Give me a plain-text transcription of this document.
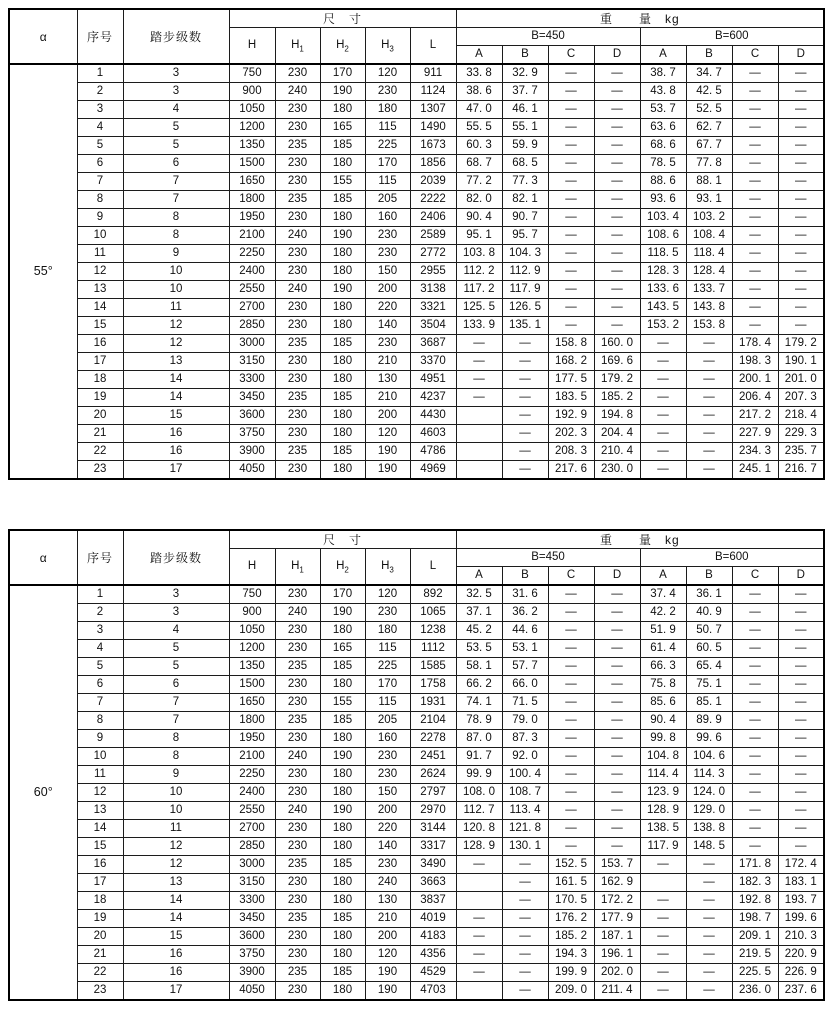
α	序号	踏步级数	尺　寸					重　　量　kg							
			H	$H_1$	$H_2$	$H_3$	L	B=450				B=600			
								A	B	C	D	A	B	C	D
55°	1	3	750	230	170	120	911	33. 8	32. 9	—	—	38. 7	34. 7	—	—
	2	3	900	240	190	230	1124	38. 6	37. 7	—	—	43. 8	42. 5	—	—
	3	4	1050	230	180	180	1307	47. 0	46. 1	—	—	53. 7	52. 5	—	—
	4	5	1200	230	165	115	1490	55. 5	55. 1	—	—	63. 6	62. 7	—	—
	5	5	1350	235	185	225	1673	60. 3	59. 9	—	—	68. 6	67. 7	—	—
	6	6	1500	230	180	170	1856	68. 7	68. 5	—	—	78. 5	77. 8	—	—
	7	7	1650	230	155	115	2039	77. 2	77. 3	—	—	88. 6	88. 1	—	—
	8	7	1800	235	185	205	2222	82. 0	82. 1	—	—	93. 6	93. 1	—	—
	9	8	1950	230	180	160	2406	90. 4	90. 7	—	—	103. 4	103. 2	—	—
	10	8	2100	240	190	230	2589	95. 1	95. 7	—	—	108. 6	108. 4	—	—
	11	9	2250	230	180	230	2772	103. 8	104. 3	—	—	118. 5	118. 4	—	—
	12	10	2400	230	180	150	2955	112. 2	112. 9	—	—	128. 3	128. 4	—	—
	13	10	2550	240	190	200	3138	117. 2	117. 9	—	—	133. 6	133. 7	—	—
	14	11	2700	230	180	220	3321	125. 5	126. 5	—	—	143. 5	143. 8	—	—
	15	12	2850	230	180	140	3504	133. 9	135. 1	—	—	153. 2	153. 8	—	—
	16	12	3000	235	185	230	3687	—	—	158. 8	160. 0	—	—	178. 4	179. 2
	17	13	3150	230	180	210	3370	—	—	168. 2	169. 6	—	—	198. 3	190. 1
	18	14	3300	230	180	130	4951	—	—	177. 5	179. 2	—	—	200. 1	201. 0
	19	14	3450	235	185	210	4237	—	—	183. 5	185. 2	—	—	206. 4	207. 3
	20	15	3600	230	180	200	4430		—	192. 9	194. 8	—	—	217. 2	218. 4
	21	16	3750	230	180	120	4603		—	202. 3	204. 4	—	—	227. 9	229. 3
	22	16	3900	235	185	190	4786		—	208. 3	210. 4	—	—	234. 3	235. 7
	23	17	4050	230	180	190	4969		—	217. 6	230. 0	—	—	245. 1	216. 7
α	序号	踏步级数	尺　寸					重　　量　kg							
			H	$H_1$	$H_2$	$H_3$	L	B=450				B=600			
								A	B	C	D	A	B	C	D
60°	1	3	750	230	170	120	892	32. 5	31. 6	—	—	37. 4	36. 1	—	—
	2	3	900	240	190	230	1065	37. 1	36. 2	—	—	42. 2	40. 9	—	—
	3	4	1050	230	180	180	1238	45. 2	44. 6	—	—	51. 9	50. 7	—	—
	4	5	1200	230	165	115	1112	53. 5	53. 1	—	—	61. 4	60. 5	—	—
	5	5	1350	235	185	225	1585	58. 1	57. 7	—	—	66. 3	65. 4	—	—
	6	6	1500	230	180	170	1758	66. 2	66. 0	—	—	75. 8	75. 1	—	—
	7	7	1650	230	155	115	1931	74. 1	71. 5	—	—	85. 6	85. 1	—	—
	8	7	1800	235	185	205	2104	78. 9	79. 0	—	—	90. 4	89. 9	—	—
	9	8	1950	230	180	160	2278	87. 0	87. 3	—	—	99. 8	99. 6	—	—
	10	8	2100	240	190	230	2451	91. 7	92. 0	—	—	104. 8	104. 6	—	—
	11	9	2250	230	180	230	2624	99. 9	100. 4	—	—	114. 4	114. 3	—	—
	12	10	2400	230	180	150	2797	108. 0	108. 7	—	—	123. 9	124. 0	—	—
	13	10	2550	240	190	200	2970	112. 7	113. 4	—	—	128. 9	129. 0	—	—
	14	11	2700	230	180	220	3144	120. 8	121. 8	—	—	138. 5	138. 8	—	—
	15	12	2850	230	180	140	3317	128. 9	130. 1	—	—	117. 9	148. 5	—	—
	16	12	3000	235	185	230	3490	—	—	152. 5	153. 7	—	—	171. 8	172. 4
	17	13	3150	230	180	240	3663		—	161. 5	162. 9		—	182. 3	183. 1
	18	14	3300	230	180	130	3837		—	170. 5	172. 2	—	—	192. 8	193. 7
	19	14	3450	235	185	210	4019	—	—	176. 2	177. 9	—	—	198. 7	199. 6
	20	15	3600	230	180	200	4183	—	—	185. 2	187. 1	—	—	209. 1	210. 3
	21	16	3750	230	180	120	4356	—	—	194. 3	196. 1	—	—	219. 5	220. 9
	22	16	3900	235	185	190	4529	—	—	199. 9	202. 0	—	—	225. 5	226. 9
	23	17	4050	230	180	190	4703		—	209. 0	211. 4	—	—	236. 0	237. 6
